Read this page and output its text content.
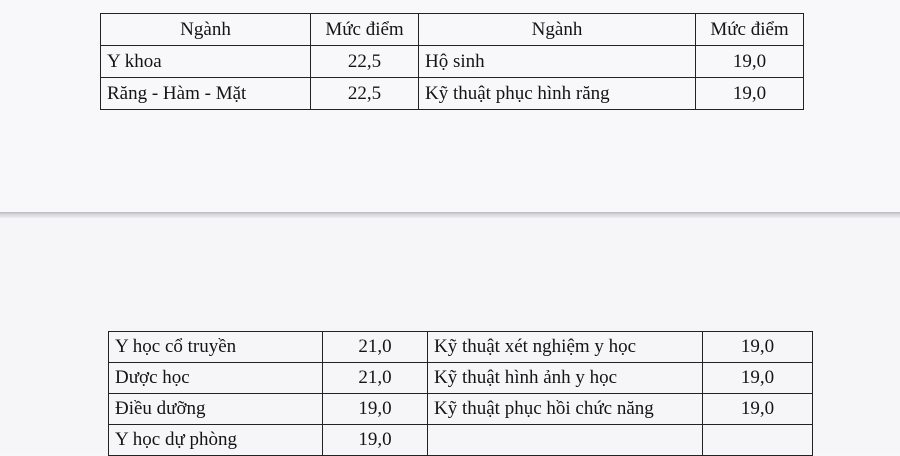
Ngành	Mức điểm	Ngành	Mức điểm
Y khoa	22,5	Hộ sinh	19,0
Răng - Hàm - Mặt	22,5	Kỹ thuật phục hình răng	19,0
Y học cổ truyền	21,0	Kỹ thuật xét nghiệm y học	19,0
Dược học	21,0	Kỹ thuật hình ảnh y học	19,0
Điều dưỡng	19,0	Kỹ thuật phục hồi chức năng	19,0
Y học dự phòng	19,0		
